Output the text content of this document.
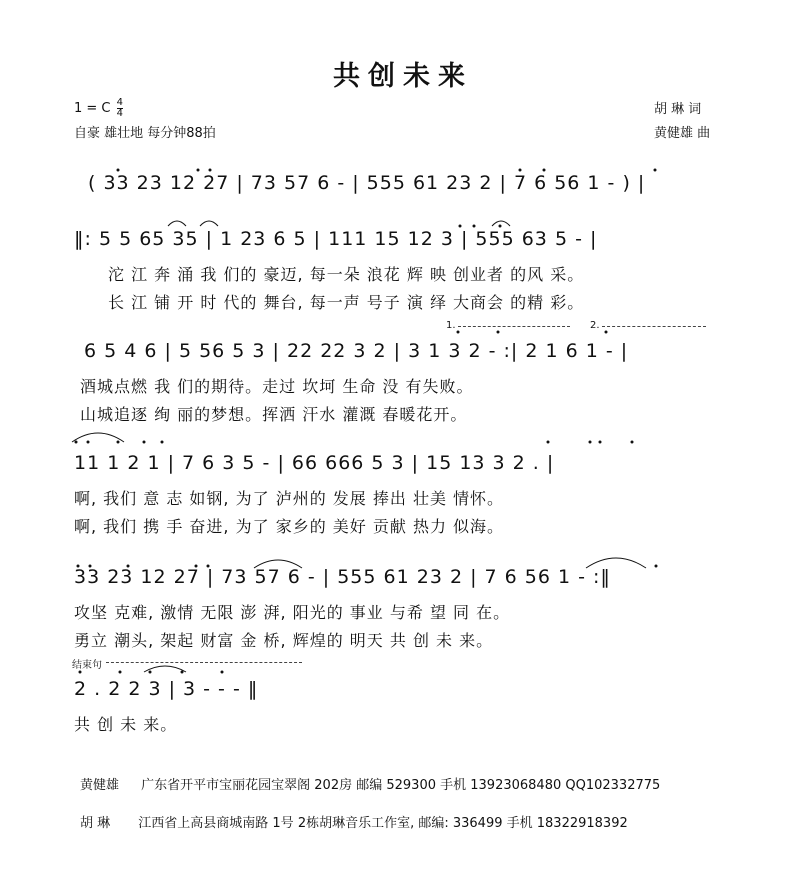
共创未来
1 = C $\frac{4}{4}$
自豪 雄壮地 每分钟88拍
胡 琳 词
黄健雄 曲
( 33 23 12 27 | 73 57 6 - | 555 61 23 2 | 7 6 56 1 - ) |
‖: 5 5 65 35 | 1 23 6 5 | 111 15 12 3 | 555 63 5 - |
沱 江 奔 涌 我 们的 豪迈, 每一朵 浪花 辉 映 创业者 的风 采。
长 江 铺 开 时 代的 舞台, 每一声 号子 演 绎 大商会 的精 彩。
1.	2.
6 5 4 6 | 5 56 5 3 | 22 22 3 2 | 3 1 3 2 - :| 2 1 6 1 - |
酒城点燃 我 们的期待。走过 坎坷 生命 没 有失败。
山城追逐 绚 丽的梦想。挥洒 汗水 灌溉 春暖花开。
11 1 2 1 | 7 6 3 5 - | 66 666 5 3 | 15 13 3 2 . |
啊, 我们 意 志 如钢, 为了 泸州的 发展 捧出 壮美 情怀。
啊, 我们 携 手 奋进, 为了 家乡的 美好 贡献 热力 似海。
33 23 12 27 | 73 57 6 - | 555 61 23 2 | 7 6 56 1 - :‖
攻坚 克难, 激情 无限 澎 湃, 阳光的 事业 与希 望 同 在。
勇立 潮头, 架起 财富 金 桥, 辉煌的 明天 共 创 未 来。
结束句
2 . 2 2 3 | 3 - - - ‖
共 创 未 来。
黄健雄 广东省开平市宝丽花园宝翠阁 202房 邮编 529300 手机 13923068480 QQ102332775
胡 琳 江西省上高县商城南路 1号 2栋胡琳音乐工作室, 邮编: 336499 手机 18322918392
